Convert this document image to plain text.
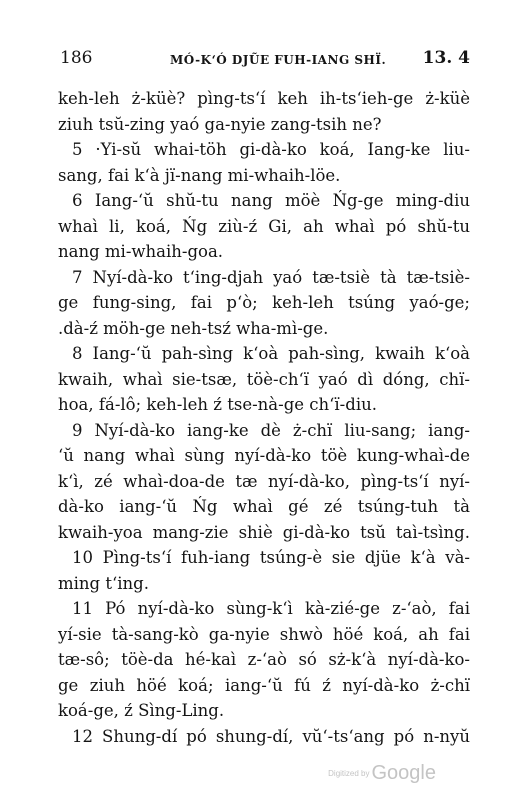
186	MÓ-K‘Ó DJŨE FUH-IANG SHÏ. 13. 4
keh-leh ż-küè? pìng-ts‘í keh ih-ts‘ieh-ge ż-küè
ziuh tsŭ-zing yaó ga-nyie zang-tsih ne?
5 ·Yi-sŭ whai-töh gi-dà-ko koá, Iang-ke liu-
sang, fai k‘à jï-nang mi-whaih-löe.
6 Iang-‘ŭ shŭ-tu nang möè Ńg-ge ming-diu
whaì li, koá, Ńg ziù-ź Gi, ah whaì pó shŭ-tu
nang mi-whaih-goa.
7 Nyí-dà-ko t‘ing-djah yaó tæ-tsiè tà tæ-tsiè-
ge fung-sing, fai p‘ò; keh-leh tsúng yaó-ge;
.dà-ź möh-ge neh-tsź wha-mì-ge.
8 Iang-‘ŭ pah-sìng k‘oà pah-sìng, kwaih k‘oà
kwaih, whaì sie-tsæ, töè-ch‘ï yaó dì dóng, chï-
hoa, fá-lô; keh-leh ź tse-nà-ge ch‘ï-diu.
9 Nyí-dà-ko iang-ke dè ż-chï liu-sang; iang-
‘ŭ nang whaì sùng nyí-dà-ko töè kung-whaì-de
k‘ì, zé whaì-doa-de tæ nyí-dà-ko, pìng-ts‘í nyí-
dà-ko iang-‘ŭ Ńg whaì gé zé tsúng-tuh tà
kwaih-yoa mang-zie shiè gi-dà-ko tsŭ taì-tsìng.
10 Pìng-ts‘í fuh-iang tsúng-è sie djüe k‘à và-
ming t‘ing.
11 Pó nyí-dà-ko sùng-k‘ì kà-zié-ge z-‘aò, fai
yí-sie tà-sang-kò ga-nyie shwò höé koá, ah fai
tæ-sô; töè-da hé-kaì z-‘aò só sż-k‘à nyí-dà-ko-
ge ziuh höé koá; iang-‘ŭ fú ź nyí-dà-ko ż-chï
koá-ge, ź Sìng-Ling.
12 Shung-dí pó shung-dí, vŭ‘-ts‘ang pó n-nyŭ
Digitized by Google
